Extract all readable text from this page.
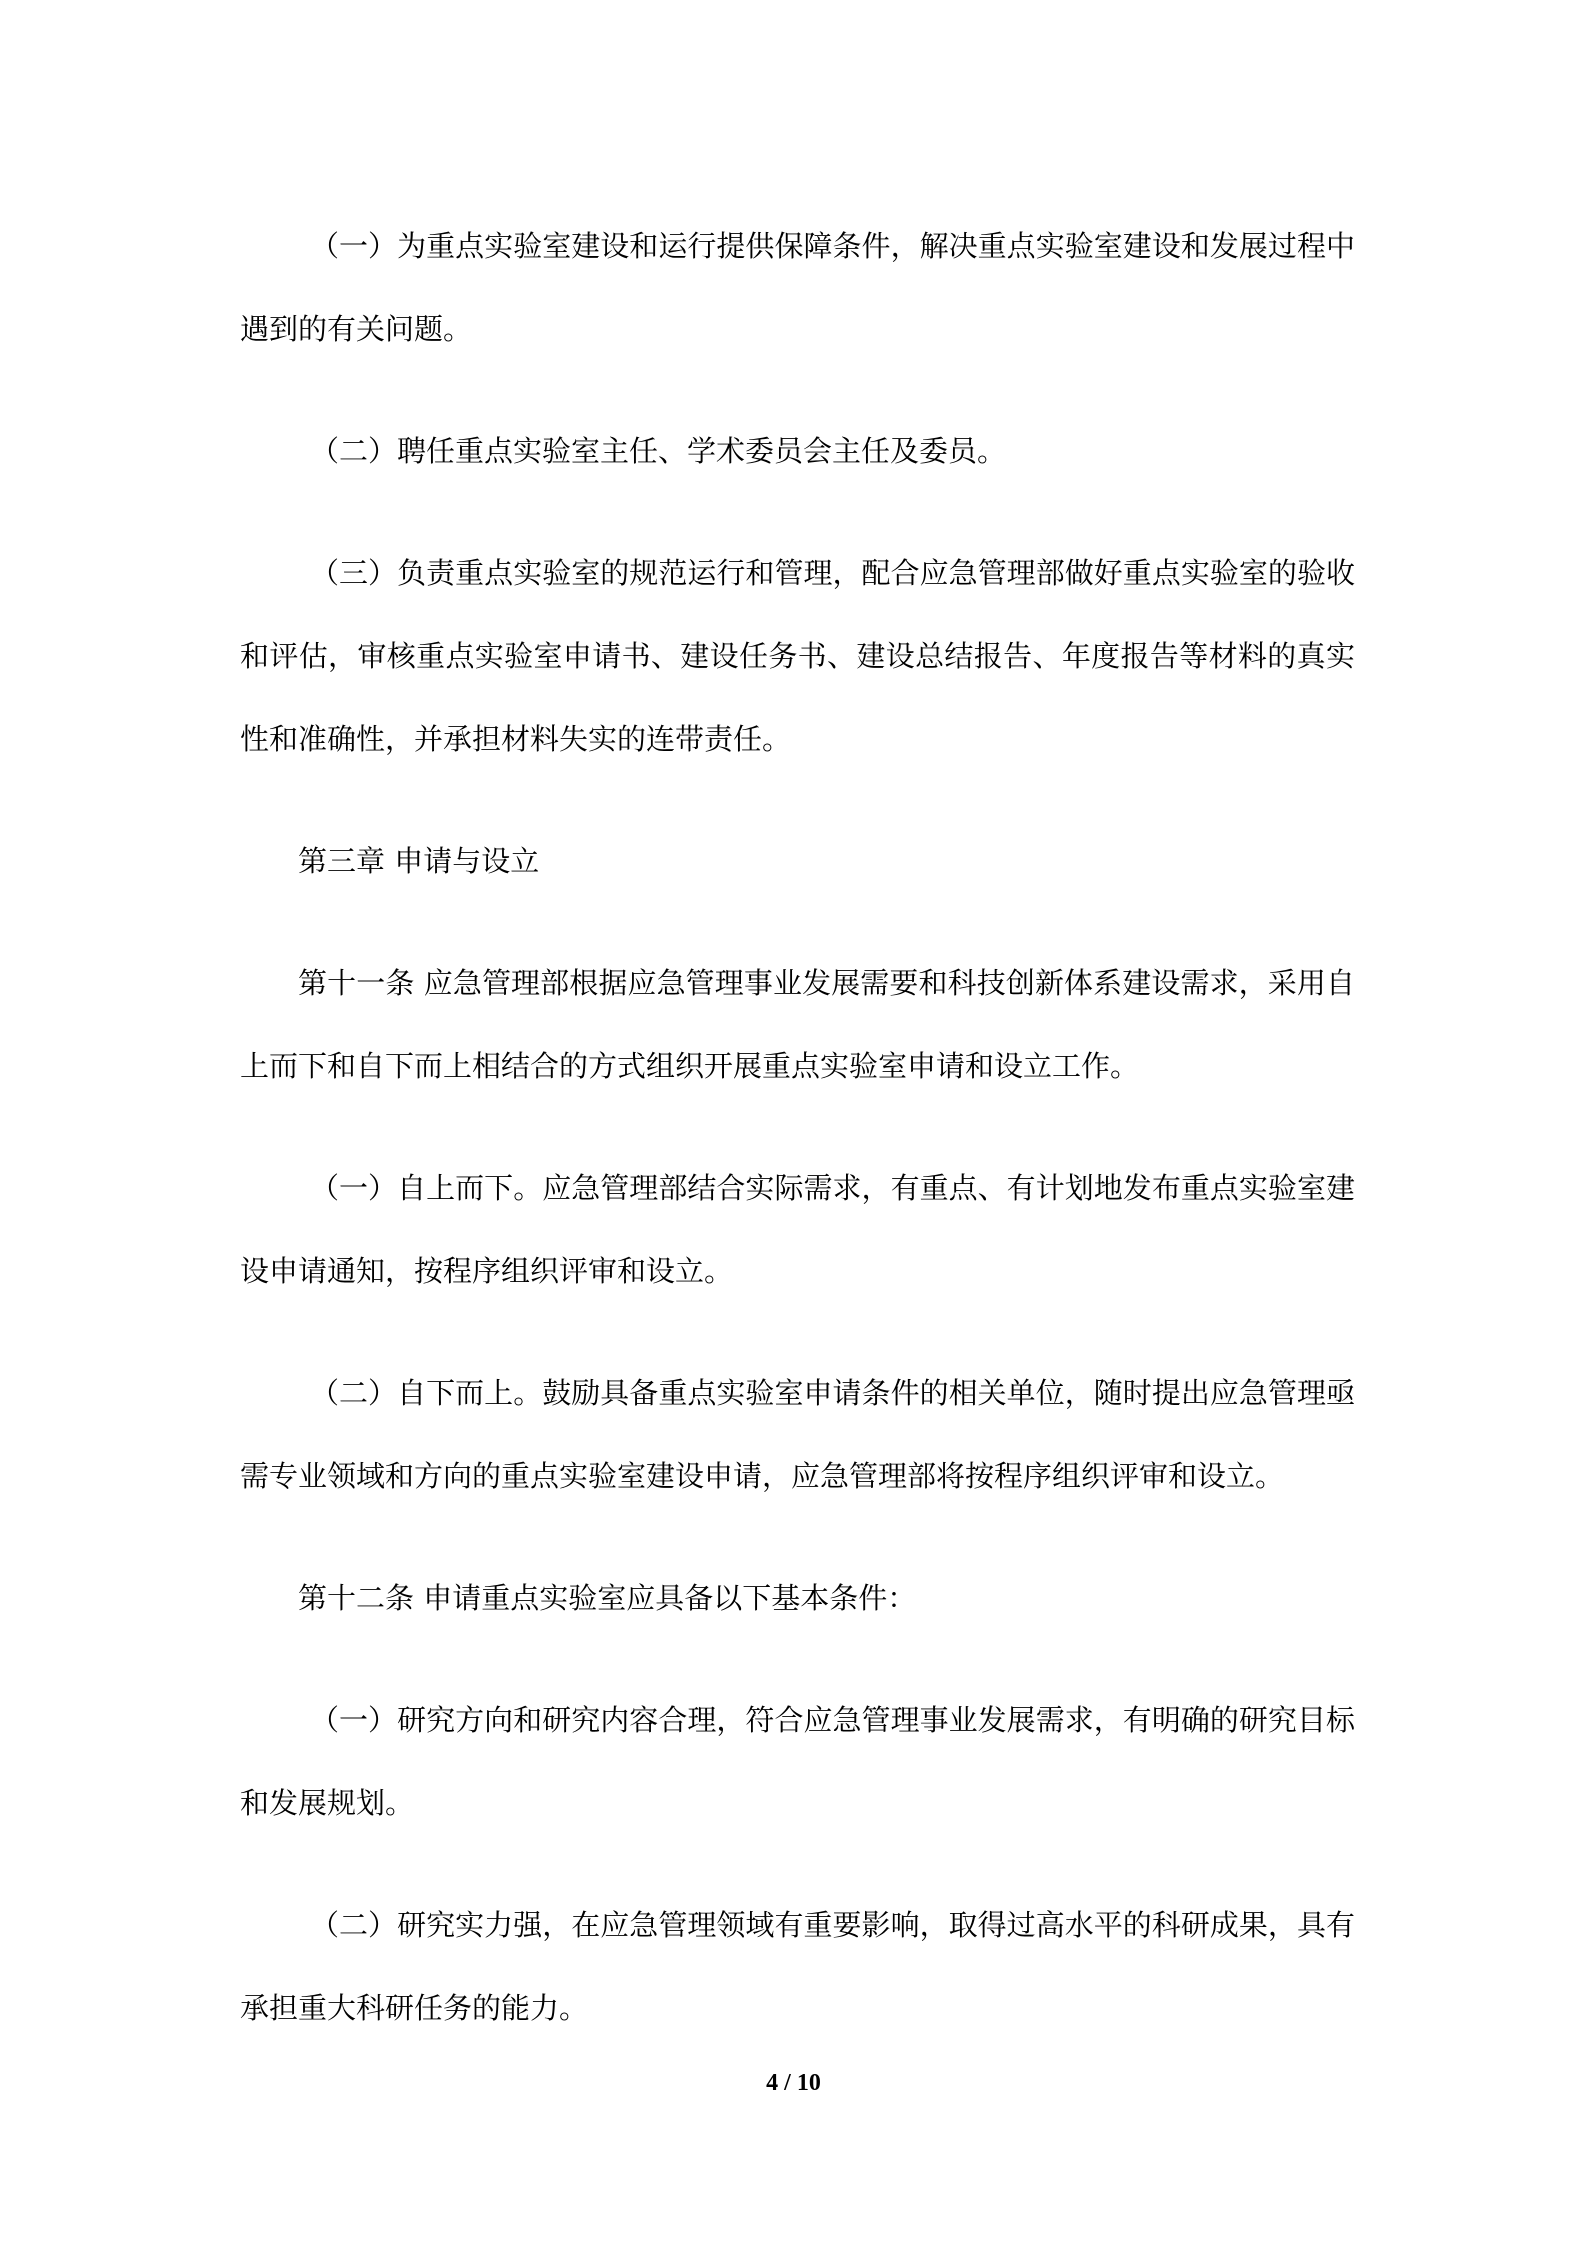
（一）为重点实验室建设和运行提供保障条件，解决重点实验室建设和发展过程中遇到的有关问题。

（二）聘任重点实验室主任、学术委员会主任及委员。

（三）负责重点实验室的规范运行和管理，配合应急管理部做好重点实验室的验收和评估，审核重点实验室申请书、建设任务书、建设总结报告、年度报告等材料的真实性和准确性，并承担材料失实的连带责任。

第三章 申请与设立

第十一条 应急管理部根据应急管理事业发展需要和科技创新体系建设需求，采用自上而下和自下而上相结合的方式组织开展重点实验室申请和设立工作。

（一）自上而下。应急管理部结合实际需求，有重点、有计划地发布重点实验室建设申请通知，按程序组织评审和设立。

（二）自下而上。鼓励具备重点实验室申请条件的相关单位，随时提出应急管理亟需专业领域和方向的重点实验室建设申请，应急管理部将按程序组织评审和设立。

第十二条 申请重点实验室应具备以下基本条件：

（一）研究方向和研究内容合理，符合应急管理事业发展需求，有明确的研究目标和发展规划。

（二）研究实力强，在应急管理领域有重要影响，取得过高水平的科研成果，具有承担重大科研任务的能力。

4 / 10
